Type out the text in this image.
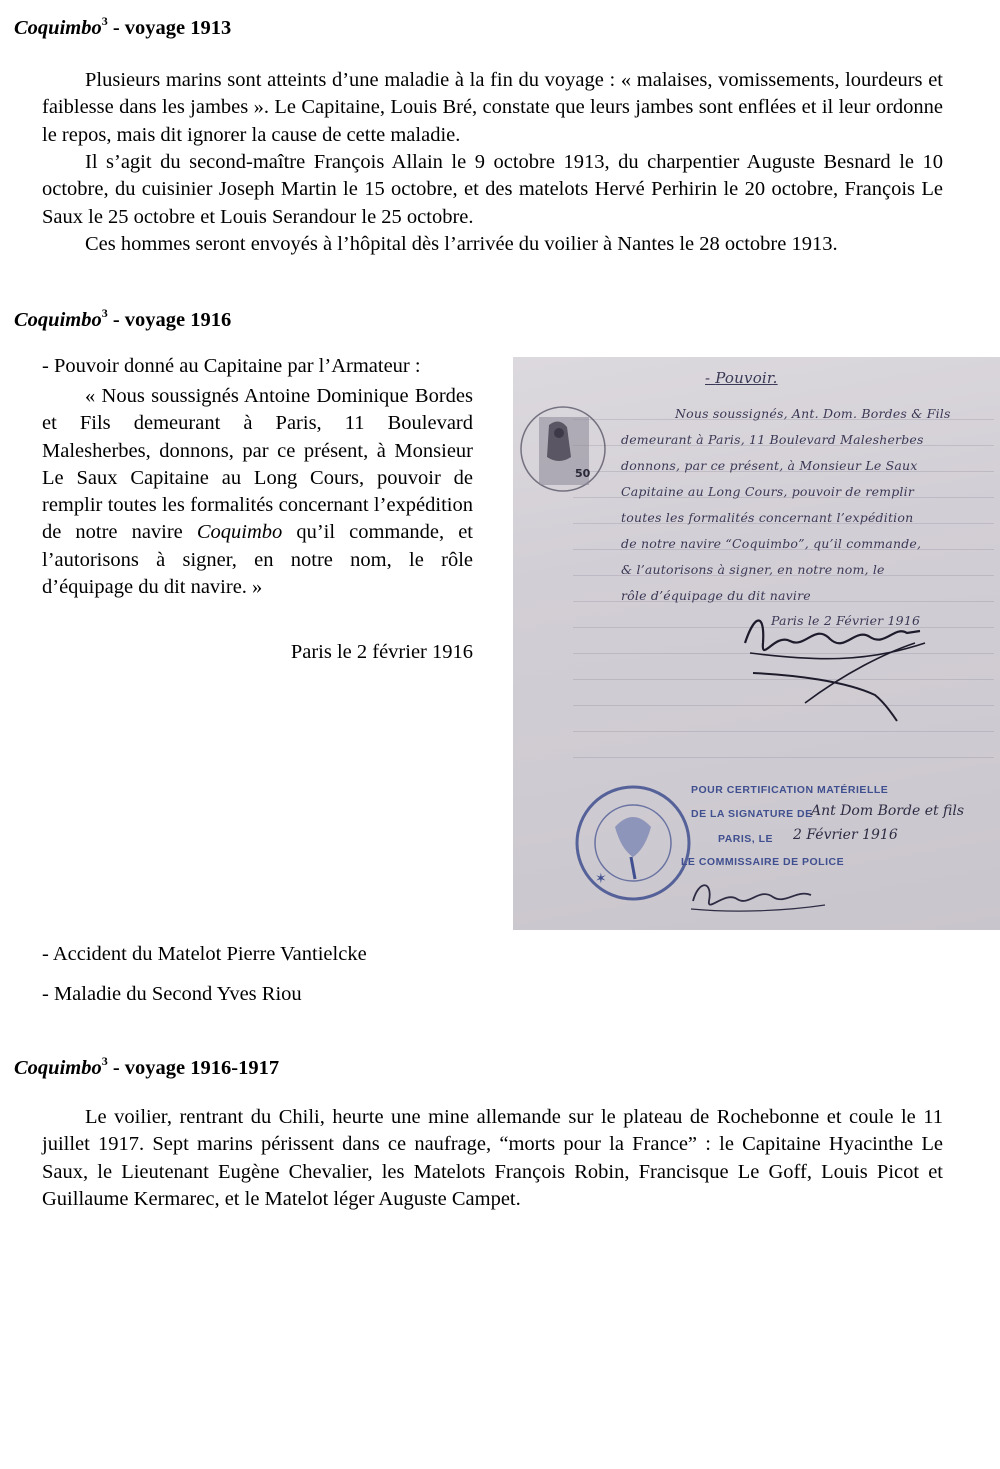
Coquimbo$^3$ - voyage 1913

Plusieurs marins sont atteints d’une maladie à la fin du voyage : « malaises, vomissements, lourdeurs et faiblesse dans les jambes ». Le Capitaine, Louis Bré, constate que leurs jambes sont enflées et il leur ordonne le repos, mais dit ignorer la cause de cette maladie.

Il s’agit du second-maître François Allain le 9 octobre 1913, du charpentier Auguste Besnard le 10 octobre, du cuisinier Joseph Martin le 15 octobre, et des matelots Hervé Perhirin le 20 octobre, François Le Saux le 25 octobre et Louis Serandour le 25 octobre.

Ces hommes seront envoyés à l’hôpital dès l’arrivée du voilier à Nantes le 28 octobre 1913.

Coquimbo$^3$ - voyage 1916

- Pouvoir donné au Capitaine par l’Armateur :

« Nous soussignés Antoine Dominique Bordes et Fils demeurant à Paris, 11 Boulevard Malesherbes, donnons, par ce présent, à Monsieur Le Saux Capitaine au Long Cours, pouvoir de remplir toutes les formalités concernant l’expédition de notre navire Coquimbo qu’il commande, et l’autorisons à signer, en notre nom, le rôle d’équipage du dit navire. »

Paris le 2 février 1916

- Pouvoir.
50
Nous soussignés, Ant. Dom. Bordes & Fils
demeurant à Paris, 11 Boulevard Malesherbes
donnons, par ce présent, à Monsieur Le Saux
Capitaine au Long Cours, pouvoir de remplir
toutes les formalités concernant l’expédition
de notre navire “Coquimbo”, qu’il commande,
& l’autorisons à signer, en notre nom, le
rôle d’équipage du dit navire
Paris le 2 Février 1916
✶
POUR CERTIFICATION MATÉRIELLE
DE LA SIGNATURE DE
Ant Dom Borde et fils
PARIS, LE 2 Février 1916
LE COMMISSAIRE DE POLICE

- Accident du Matelot Pierre Vantielcke

- Maladie du Second Yves Riou

Coquimbo$^3$ - voyage 1916-1917

Le voilier, rentrant du Chili, heurte une mine allemande sur le plateau de Rochebonne et coule le 11 juillet 1917. Sept marins périssent dans ce naufrage, “morts pour la France” : le Capitaine Hyacinthe Le Saux, le Lieutenant Eugène Chevalier, les Matelots François Robin, Francisque Le Goff, Louis Picot et Guillaume Kermarec, et le Matelot léger Auguste Campet.
